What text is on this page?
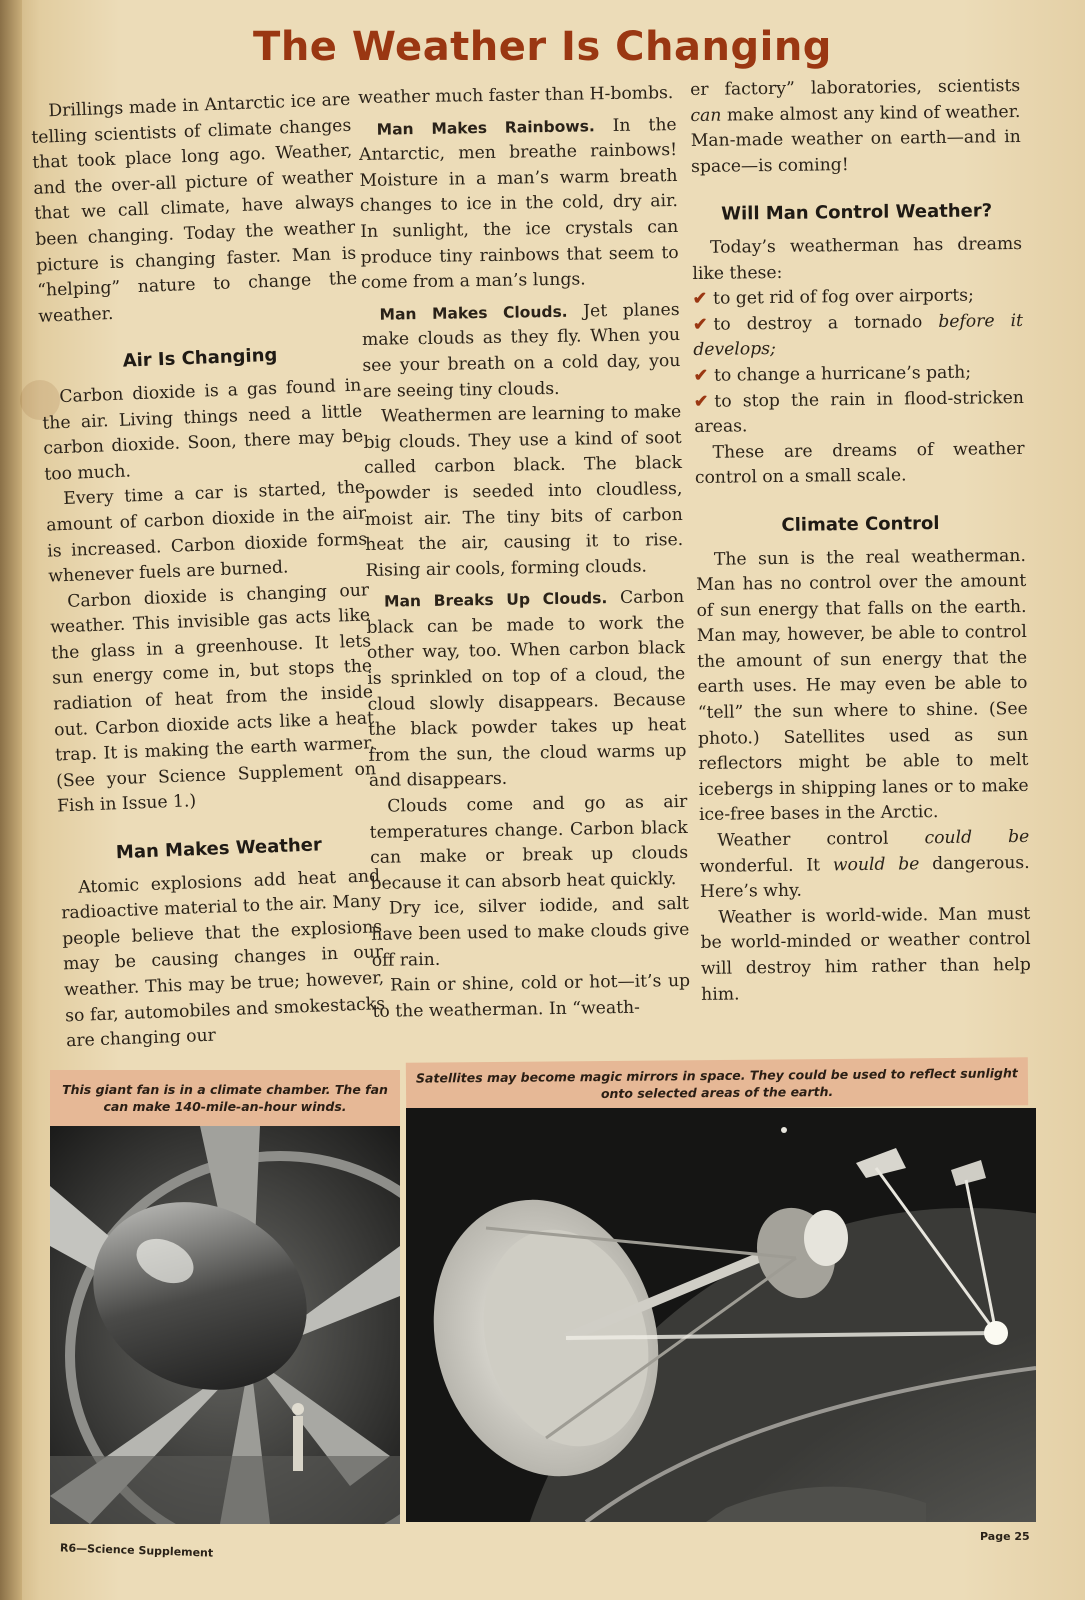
The Weather Is Changing

Drillings made in Antarctic ice are telling scientists of climate changes that took place long ago. Weather, and the over-all picture of weather that we call climate, have always been changing. Today the weather picture is changing faster. Man is “helping” nature to change the weather.

Air Is Changing

Carbon dioxide is a gas found in the air. Living things need a little carbon dioxide. Soon, there may be too much.

Every time a car is started, the amount of carbon dioxide in the air is increased. Carbon dioxide forms whenever fuels are burned.

Carbon dioxide is changing our weather. This invisible gas acts like the glass in a greenhouse. It lets sun energy come in, but stops the radiation of heat from the inside out. Carbon dioxide acts like a heat trap. It is making the earth warmer. (See your Science Supplement on Fish in Issue 1.)

Man Makes Weather

Atomic explosions add heat and radioactive material to the air. Many people believe that the explosions may be causing changes in our weather. This may be true; however, so far, automobiles and smokestacks are changing our

weather much faster than H-bombs.

Man Makes Rainbows. In the Antarctic, men breathe rainbows! Moisture in a man’s warm breath changes to ice in the cold, dry air. In sunlight, the ice crystals can produce tiny rainbows that seem to come from a man’s lungs.

Man Makes Clouds. Jet planes make clouds as they fly. When you see your breath on a cold day, you are seeing tiny clouds.

Weathermen are learning to make big clouds. They use a kind of soot called carbon black. The black powder is seeded into cloudless, moist air. The tiny bits of carbon heat the air, causing it to rise. Rising air cools, forming clouds.

Man Breaks Up Clouds. Carbon black can be made to work the other way, too. When carbon black is sprinkled on top of a cloud, the cloud slowly disappears. Because the black powder takes up heat from the sun, the cloud warms up and disappears.

Clouds come and go as air temperatures change. Carbon black can make or break up clouds because it can absorb heat quickly.

Dry ice, silver iodide, and salt have been used to make clouds give off rain.

Rain or shine, cold or hot—it’s up to the weatherman. In “weath-

er factory” laboratories, scientists can make almost any kind of weather. Man-made weather on earth—and in space—is coming!

Will Man Control Weather?

Today’s weatherman has dreams like these:

✔ to get rid of fog over airports;

✔ to destroy a tornado before it develops;

✔ to change a hurricane’s path;

✔ to stop the rain in flood-stricken areas.

These are dreams of weather control on a small scale.

Climate Control

The sun is the real weatherman. Man has no control over the amount of sun energy that falls on the earth. Man may, however, be able to control the amount of sun energy that the earth uses. He may even be able to “tell” the sun where to shine. (See photo.) Satellites used as sun reflectors might be able to melt icebergs in shipping lanes or to make ice-free bases in the Arctic.

Weather control could be wonderful. It would be dangerous. Here’s why.

Weather is world-wide. Man must be world-minded or weather control will destroy him rather than help him.

This giant fan is in a climate chamber. The fan can make 140-mile-an-hour winds.
Satellites may become magic mirrors in space. They could be used to reflect sunlight onto selected areas of the earth.
R6—Science Supplement
Page 25
